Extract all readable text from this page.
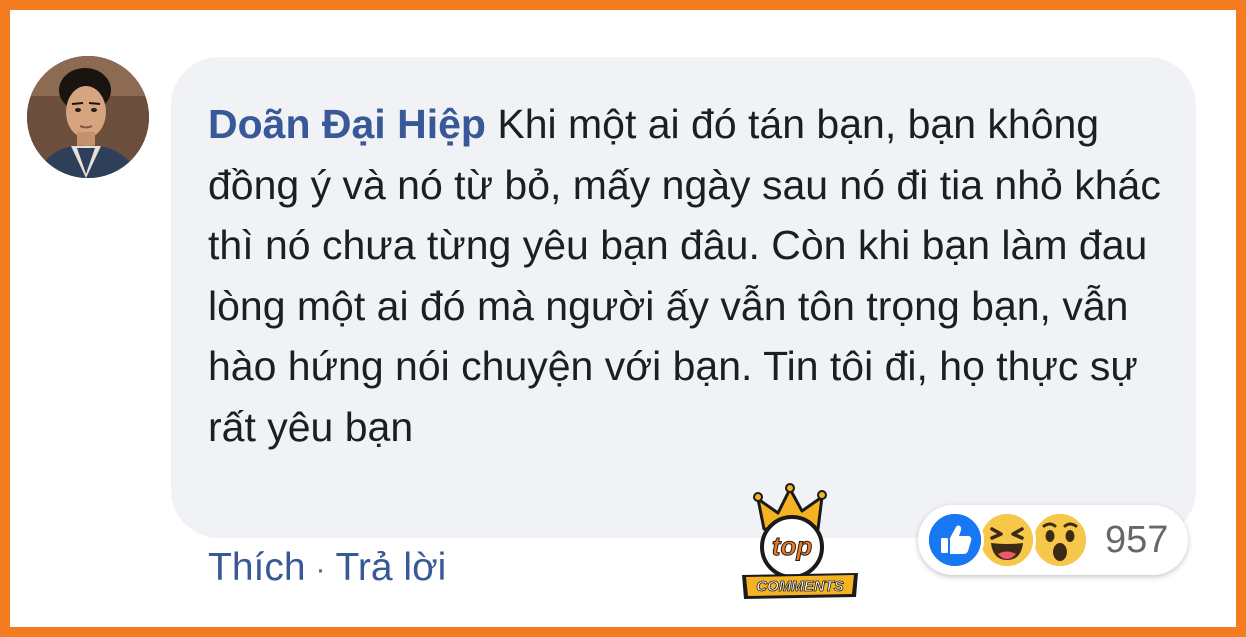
Doãn Đại Hiệp Khi một ai đó tán bạn, bạn không đồng ý và nó từ bỏ, mấy ngày sau nó đi tia nhỏ khác thì nó chưa từng yêu bạn đâu. Còn khi bạn làm đau lòng một ai đó mà người ấy vẫn tôn trọng bạn, vẫn hào hứng nói chuyện với bạn. Tin tôi đi, họ thực sự rất yêu bạn

Thích · Trả lời	top
COMMENTS
957
